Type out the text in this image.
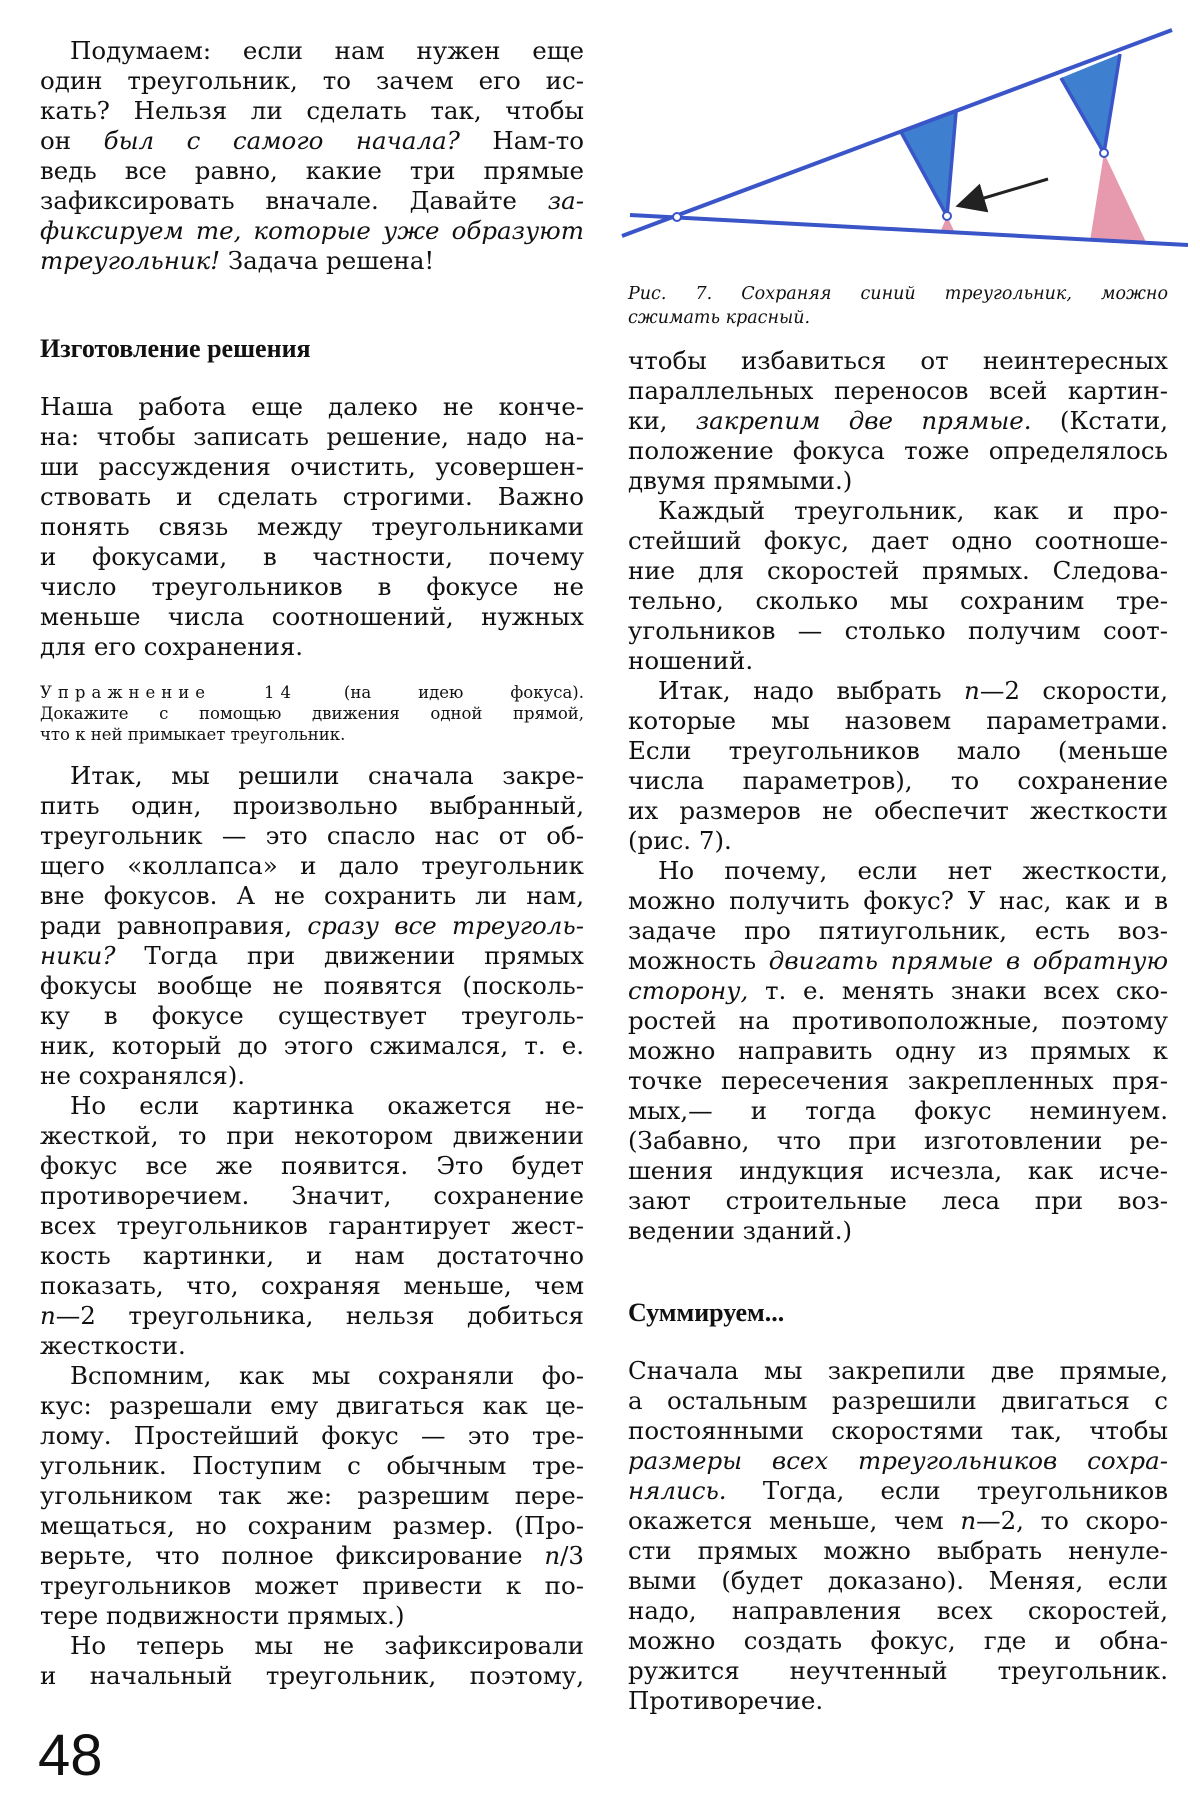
Рис. 7. Сохраняя синий треугольник, можно

сжимать красный.

Подумаем: если нам нужен еще

один треугольник, то зачем его ис-

кать? Нельзя ли сделать так, чтобы

он был с самого начала? Нам-то

ведь все равно, какие три прямые

зафиксировать вначале. Давайте за-

фиксируем те, которые уже образуют

треугольник! Задача решена!

Изготовление решения

Наша работа еще далеко не конче-

на: чтобы записать решение, надо на-

ши рассуждения очистить, усовершен-

ствовать и сделать строгими. Важно

понять связь между треугольниками

и фокусами, в частности, почему

число треугольников в фокусе не

меньше числа соотношений, нужных

для его сохранения.

Упражнение 14 (на идею фокуса).

Докажите с помощью движения одной прямой,

что к ней примыкает треугольник.

Итак, мы решили сначала закре-

пить один, произвольно выбранный,

треугольник — это спасло нас от об-

щего «коллапса» и дало треугольник

вне фокусов. А не сохранить ли нам,

ради равноправия, сразу все треуголь-

ники? Тогда при движении прямых

фокусы вообще не появятся (посколь-

ку в фокусе существует треуголь-

ник, который до этого сжимался, т. е.

не сохранялся).

Но если картинка окажется не-

жесткой, то при некотором движении

фокус все же появится. Это будет

противоречием. Значит, сохранение

всех треугольников гарантирует жест-

кость картинки, и нам достаточно

показать, что, сохраняя меньше, чем

n—2 треугольника, нельзя добиться

жесткости.

Вспомним, как мы сохраняли фо-

кус: разрешали ему двигаться как це-

лому. Простейший фокус — это тре-

угольник. Поступим с обычным тре-

угольником так же: разрешим пере-

мещаться, но сохраним размер. (Про-

верьте, что полное фиксирование n/3

треугольников может привести к по-

тере подвижности прямых.)

Но теперь мы не зафиксировали

и начальный треугольник, поэтому,

чтобы избавиться от неинтересных

параллельных переносов всей картин-

ки, закрепим две прямые. (Кстати,

положение фокуса тоже определялось

двумя прямыми.)

Каждый треугольник, как и про-

стейший фокус, дает одно соотноше-

ние для скоростей прямых. Следова-

тельно, сколько мы сохраним тре-

угольников — столько получим соот-

ношений.

Итак, надо выбрать n—2 скорости,

которые мы назовем параметрами.

Если треугольников мало (меньше

числа параметров), то сохранение

их размеров не обеспечит жесткости

(рис. 7).

Но почему, если нет жесткости,

можно получить фокус? У нас, как и в

задаче про пятиугольник, есть воз-

можность двигать прямые в обратную

сторону, т. е. менять знаки всех ско-

ростей на противоположные, поэтому

можно направить одну из прямых к

точке пересечения закрепленных пря-

мых,— и тогда фокус неминуем.

(Забавно, что при изготовлении ре-

шения индукция исчезла, как исче-

зают строительные леса при воз-

ведении зданий.)

Суммируем...

Сначала мы закрепили две прямые,

а остальным разрешили двигаться с

постоянными скоростями так, чтобы

размеры всех треугольников сохра-

нялись. Тогда, если треугольников

окажется меньше, чем n—2, то скоро-

сти прямых можно выбрать ненуле-

выми (будет доказано). Меняя, если

надо, направления всех скоростей,

можно создать фокус, где и обна-

ружится неучтенный треугольник.

Противоречие.

48
